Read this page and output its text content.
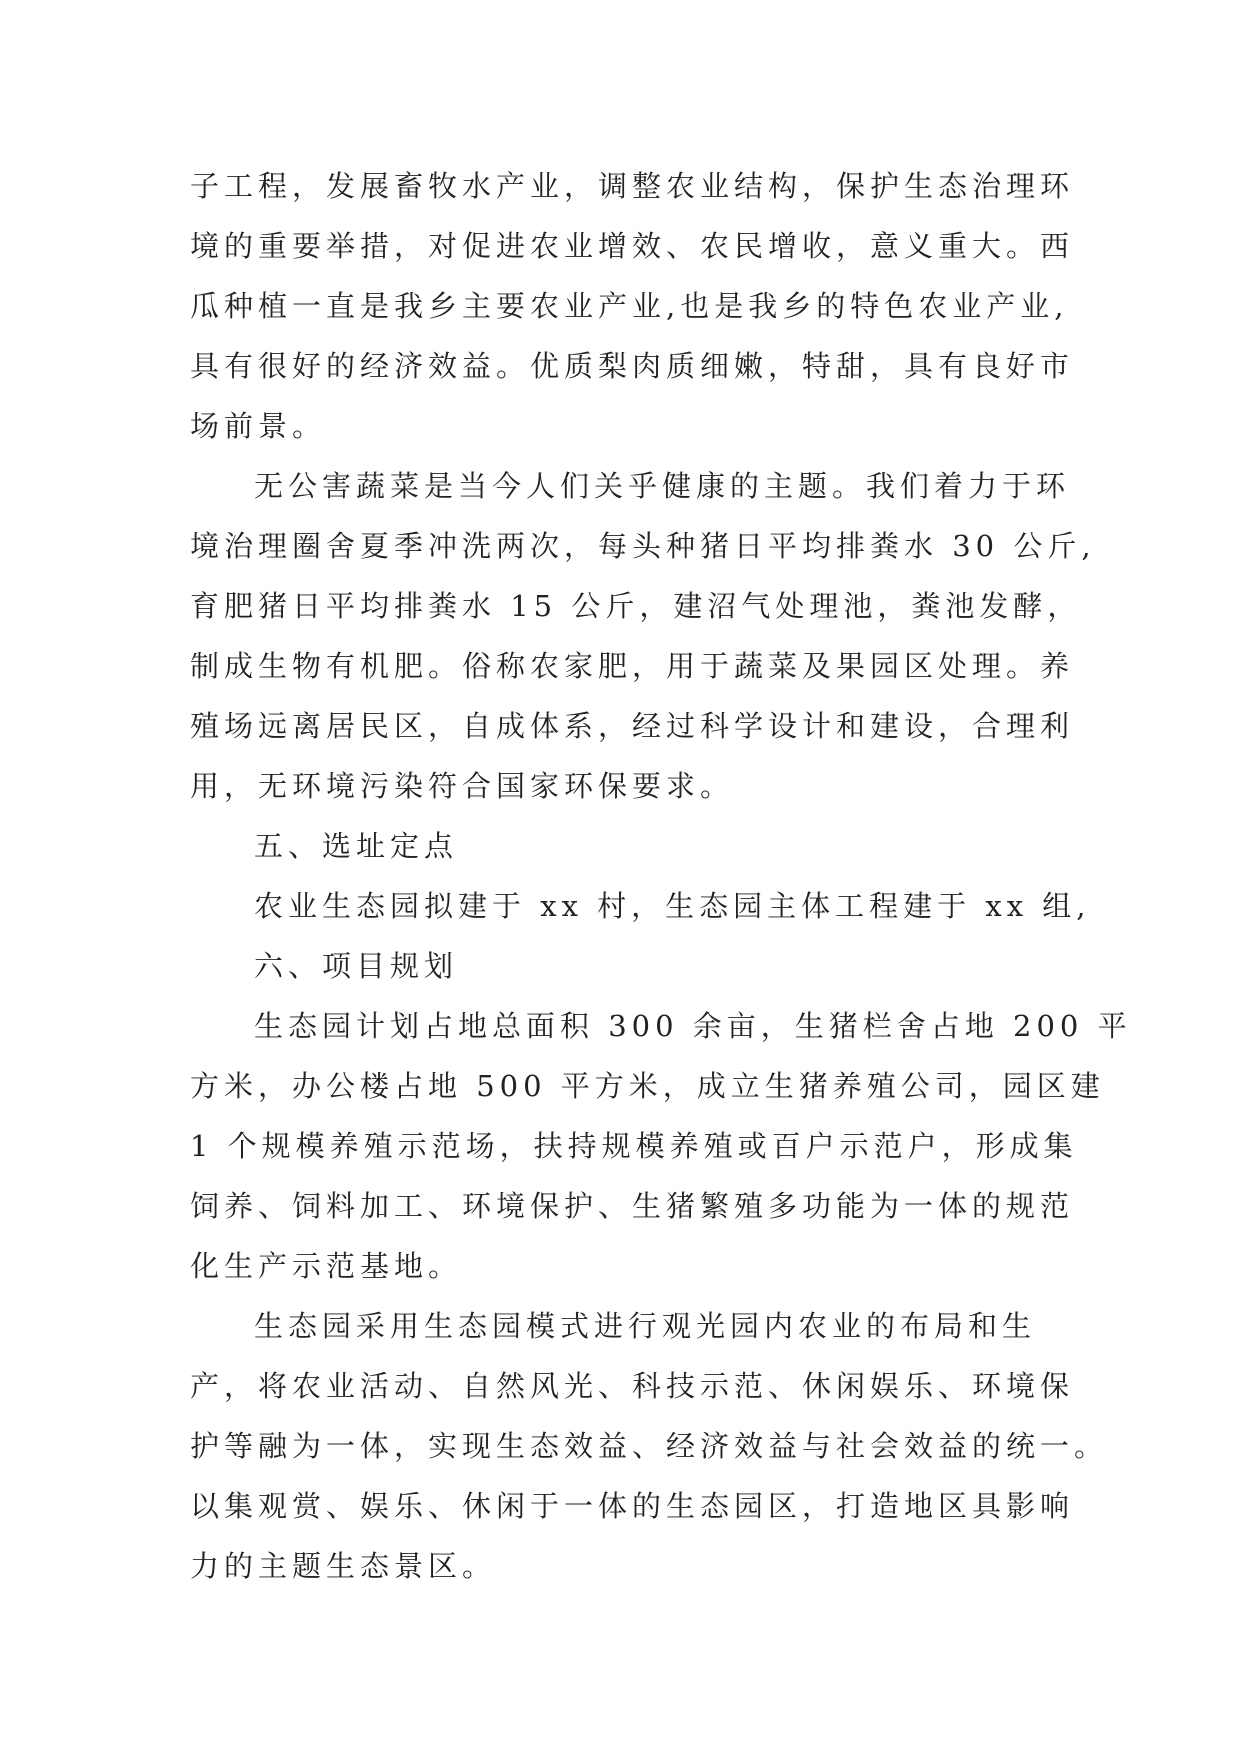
子工程，发展畜牧水产业，调整农业结构，保护生态治理环
境的重要举措，对促进农业增效、农民增收，意义重大。西
瓜种植一直是我乡主要农业产业,也是我乡的特色农业产业,
具有很好的经济效益。优质梨肉质细嫩，特甜，具有良好市
场前景。
无公害蔬菜是当今人们关乎健康的主题。我们着力于环
境治理圈舍夏季冲洗两次，每头种猪日平均排粪水 30 公斤,
育肥猪日平均排粪水 15 公斤，建沼气处理池，粪池发酵，
制成生物有机肥。俗称农家肥，用于蔬菜及果园区处理。养
殖场远离居民区，自成体系，经过科学设计和建设，合理利
用，无环境污染符合国家环保要求。
五、选址定点
农业生态园拟建于 xx 村，生态园主体工程建于 xx 组,
六、项目规划
生态园计划占地总面积 300 余亩，生猪栏舍占地 200 平
方米，办公楼占地 500 平方米，成立生猪养殖公司，园区建
1 个规模养殖示范场，扶持规模养殖或百户示范户，形成集
饲养、饲料加工、环境保护、生猪繁殖多功能为一体的规范
化生产示范基地。
生态园采用生态园模式进行观光园内农业的布局和生
产，将农业活动、自然风光、科技示范、休闲娱乐、环境保
护等融为一体，实现生态效益、经济效益与社会效益的统一。
以集观赏、娱乐、休闲于一体的生态园区，打造地区具影响
力的主题生态景区。
